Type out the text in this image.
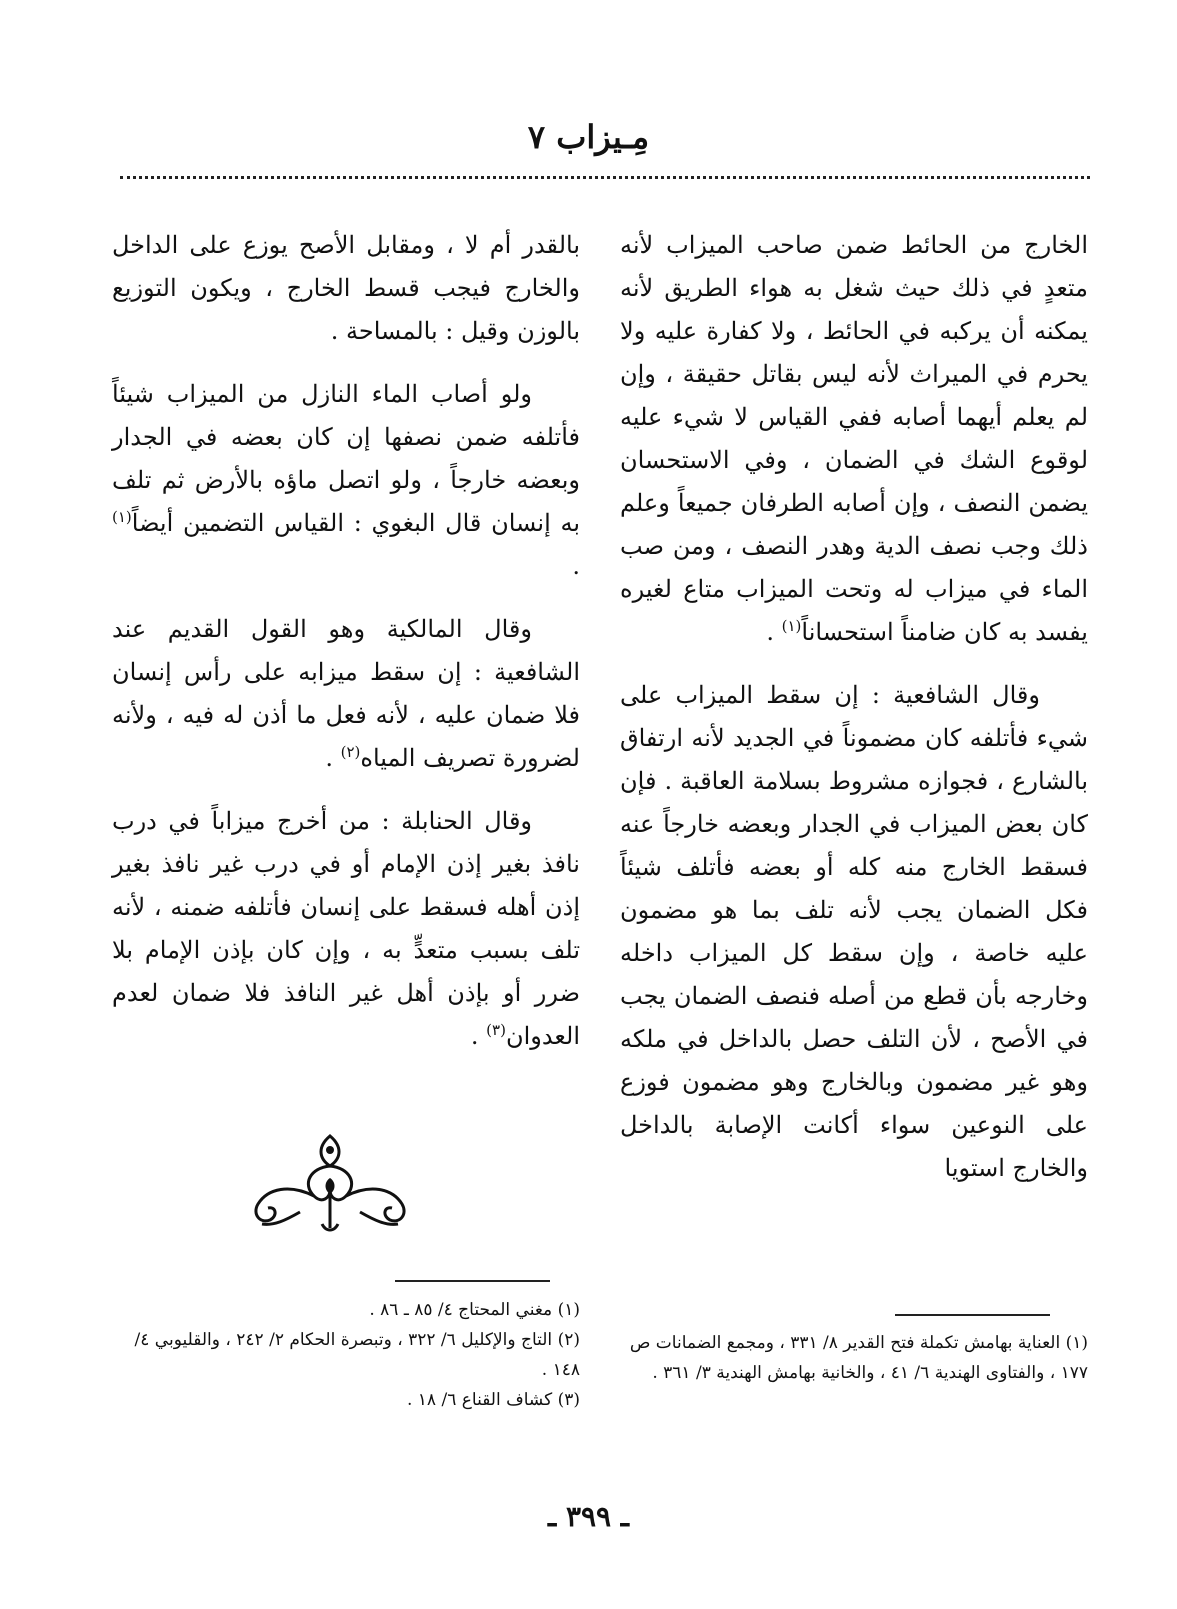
مِـيزاب ٧

الخارج من الحائط ضمن صاحب الميزاب لأنه متعدٍ في ذلك حيث شغل به هواء الطريق لأنه يمكنه أن يركبه في الحائط ، ولا كفارة عليه ولا يحرم في الميراث لأنه ليس بقاتل حقيقة ، وإن لم يعلم أيهما أصابه ففي القياس لا شيء عليه لوقوع الشك في الضمان ، وفي الاستحسان يضمن النصف ، وإن أصابه الطرفان جميعاً وعلم ذلك وجب نصف الدية وهدر النصف ، ومن صب الماء في ميزاب له وتحت الميزاب متاع لغيره يفسد به كان ضامناً استحساناً$^{(١)}$ .

وقال الشافعية : إن سقط الميزاب على شيء فأتلفه كان مضموناً في الجديد لأنه ارتفاق بالشارع ، فجوازه مشروط بسلامة العاقبة . فإن كان بعض الميزاب في الجدار وبعضه خارجاً عنه فسقط الخارج منه كله أو بعضه فأتلف شيئاً فكل الضمان يجب لأنه تلف بما هو مضمون عليه خاصة ، وإن سقط كل الميزاب داخله وخارجه بأن قطع من أصله فنصف الضمان يجب في الأصح ، لأن التلف حصل بالداخل في ملكه وهو غير مضمون وبالخارج وهو مضمون فوزع على النوعين سواء أكانت الإصابة بالداخل والخارج استويا

بالقدر أم لا ، ومقابل الأصح يوزع على الداخل والخارج فيجب قسط الخارج ، ويكون التوزيع بالوزن وقيل : بالمساحة .

ولو أصاب الماء النازل من الميزاب شيئاً فأتلفه ضمن نصفها إن كان بعضه في الجدار وبعضه خارجاً ، ولو اتصل ماؤه بالأرض ثم تلف به إنسان قال البغوي : القياس التضمين أيضاً$^{(١)}$ .

وقال المالكية وهو القول القديم عند الشافعية : إن سقط ميزابه على رأس إنسان فلا ضمان عليه ، لأنه فعل ما أذن له فيه ، ولأنه لضرورة تصريف المياه$^{(٢)}$ .

وقال الحنابلة : من أخرج ميزاباً في درب نافذ بغير إذن الإمام أو في درب غير نافذ بغير إذن أهله فسقط على إنسان فأتلفه ضمنه ، لأنه تلف بسبب متعدٍّ به ، وإن كان بإذن الإمام بلا ضرر أو بإذن أهل غير النافذ فلا ضمان لعدم العدوان$^{(٣)}$ .

(١) العناية بهامش تكملة فتح القدير ٨/ ٣٣١ ، ومجمع الضمانات ص ١٧٧ ، والفتاوى الهندية ٦/ ٤١ ، والخانية بهامش الهندية ٣/ ٣٦١ .

(١) مغني المحتاج ٤/ ٨٥ ـ ٨٦ .

(٢) التاج والإكليل ٦/ ٣٢٢ ، وتبصرة الحكام ٢/ ٢٤٢ ، والقليوبي ٤/ ١٤٨ .

(٣) كشاف القناع ٦/ ١٨ .

ـ ٣٩٩ ـ
